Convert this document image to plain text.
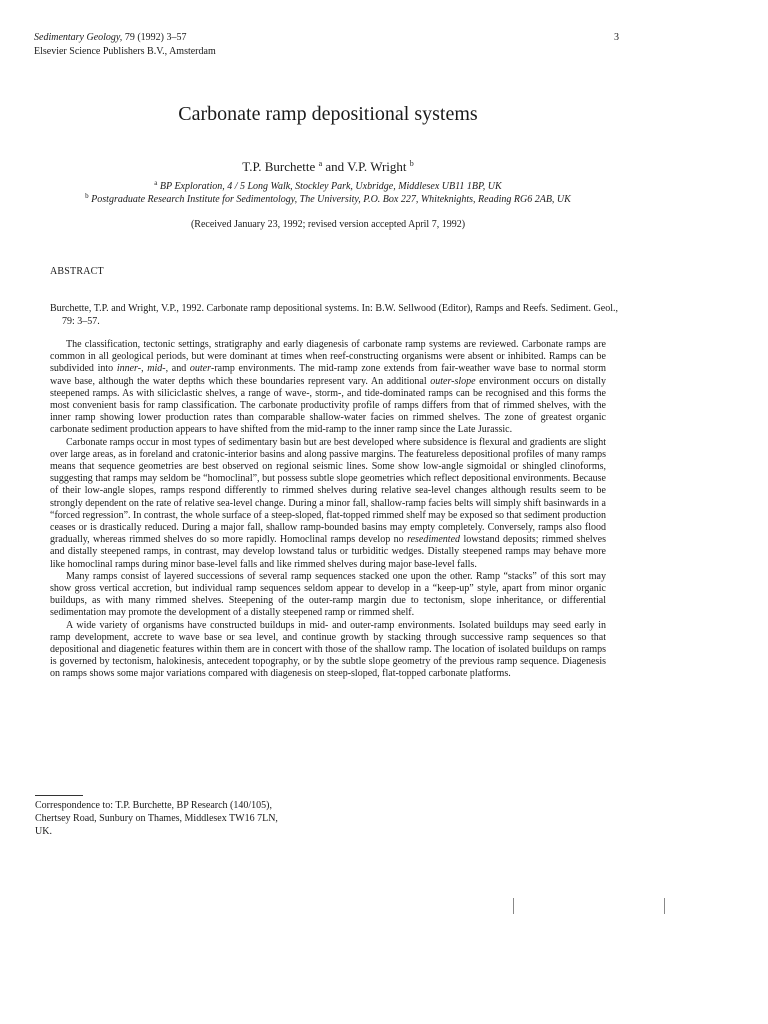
Sedimentary Geology, 79 (1992) 3–57
Elsevier Science Publishers B.V., Amsterdam
3
Carbonate ramp depositional systems
T.P. Burchette $^a$ and V.P. Wright $^b$
$^a$ BP Exploration, 4 / 5 Long Walk, Stockley Park, Uxbridge, Middlesex UB11 1BP, UK
$^b$ Postgraduate Research Institute for Sedimentology, The University, P.O. Box 227, Whiteknights, Reading RG6 2AB, UK
(Received January 23, 1992; revised version accepted April 7, 1992)
ABSTRACT
Burchette, T.P. and Wright, V.P., 1992. Carbonate ramp depositional systems. In: B.W. Sellwood (Editor), Ramps and Reefs. Sediment. Geol., 79: 3–57.

The classification, tectonic settings, stratigraphy and early diagenesis of carbonate ramp systems are reviewed. Carbonate ramps are common in all geological periods, but were dominant at times when reef-constructing organisms were absent or inhibited. Ramps can be subdivided into inner-, mid-, and outer-ramp environments. The mid-ramp zone extends from fair-weather wave base to normal storm wave base, although the water depths which these boundaries represent vary. An additional outer-slope environment occurs on distally steepened ramps. As with siliciclastic shelves, a range of wave-, storm-, and tide-dominated ramps can be recognised and this forms the most convenient basis for ramp classification. The carbonate productivity profile of ramps differs from that of rimmed shelves, with the inner ramp showing lower production rates than comparable shallow-water facies on rimmed shelves. The zone of greatest organic carbonate sediment production appears to have shifted from the mid-ramp to the inner ramp since the Late Jurassic.

Carbonate ramps occur in most types of sedimentary basin but are best developed where subsidence is flexural and gradients are slight over large areas, as in foreland and cratonic-interior basins and along passive margins. The featureless depositional profiles of many ramps means that sequence geometries are best observed on regional seismic lines. Some show low-angle sigmoidal or shingled clinoforms, suggesting that ramps may seldom be “homoclinal”, but possess subtle slope geometries which reflect depositional environments. Because of their low-angle slopes, ramps respond differently to rimmed shelves during relative sea-level changes although results seem to be strongly dependent on the rate of relative sea-level change. During a minor fall, shallow-ramp facies belts will simply shift basinwards in a “forced regression”. In contrast, the whole surface of a steep-sloped, flat-topped rimmed shelf may be exposed so that sediment production ceases or is drastically reduced. During a major fall, shallow ramp-bounded basins may empty completely. Conversely, ramps also flood gradually, whereas rimmed shelves do so more rapidly. Homoclinal ramps develop no resedimented lowstand deposits; rimmed shelves and distally steepened ramps, in contrast, may develop lowstand talus or turbiditic wedges. Distally steepened ramps may behave more like homoclinal ramps during minor base-level falls and like rimmed shelves during major base-level falls.

Many ramps consist of layered successions of several ramp sequences stacked one upon the other. Ramp “stacks” of this sort may show gross vertical accretion, but individual ramp sequences seldom appear to develop in a “keep-up” style, apart from minor organic buildups, as with many rimmed shelves. Steepening of the outer-ramp margin due to tectonism, slope inheritance, or differential sedimentation may promote the development of a distally steepened ramp or rimmed shelf.

A wide variety of organisms have constructed buildups in mid- and outer-ramp environments. Isolated buildups may seed early in ramp development, accrete to wave base or sea level, and continue growth by stacking through successive ramp sequences so that depositional and diagenetic features within them are in concert with those of the shallow ramp. The location of isolated buildups on ramps is governed by tectonism, halokinesis, antecedent topography, or by the subtle slope geometry of the previous ramp sequence. Diagenesis on ramps shows some major variations compared with diagenesis on steep-sloped, flat-topped carbonate platforms.

Correspondence to: T.P. Burchette, BP Research (140/105),
Chertsey Road, Sunbury on Thames, Middlesex TW16 7LN,
UK.
